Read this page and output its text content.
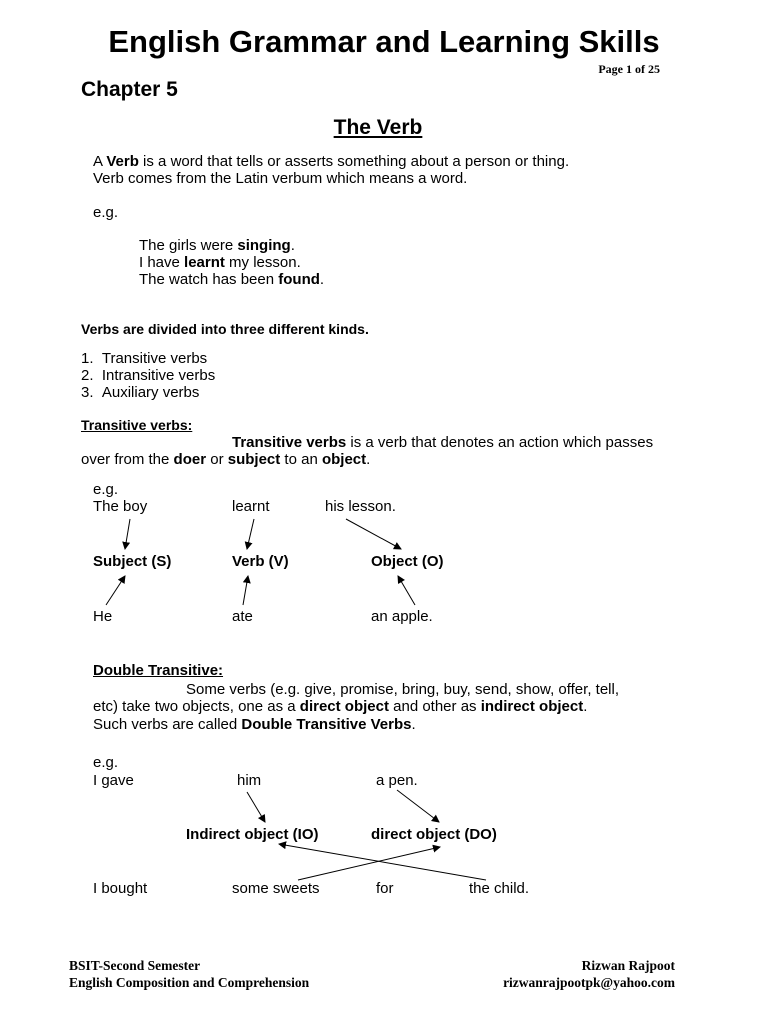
English Grammar and Learning Skills
Page 1 of 25
Chapter 5
The Verb
A Verb is a word that tells or asserts something about a person or thing.
Verb comes from the Latin verbum which means a word.
e.g.
The girls were singing.
I have learnt my lesson.
The watch has been found.
Verbs are divided into three different kinds.
1.  Transitive verbs
2.  Intransitive verbs
3.  Auxiliary verbs
Transitive verbs:
Transitive verbs is a verb that denotes an action which passes
over from the doer or subject to an object.
e.g.
The boy	learnt	his lesson.
Subject (S)	Verb (V)	Object (O)
He	ate	an apple.
Double Transitive:
Some verbs (e.g. give, promise, bring, buy, send, show, offer, tell,
etc) take two objects, one as a direct object and other as indirect object.
Such verbs are called Double Transitive Verbs.
e.g.
I gave	him	a pen.
Indirect object (IO)	direct object (DO)
I bought	some sweets	for	the child.
BSIT-Second Semester
English Composition and Comprehension
Rizwan Rajpoot
rizwanrajpootpk@yahoo.com
